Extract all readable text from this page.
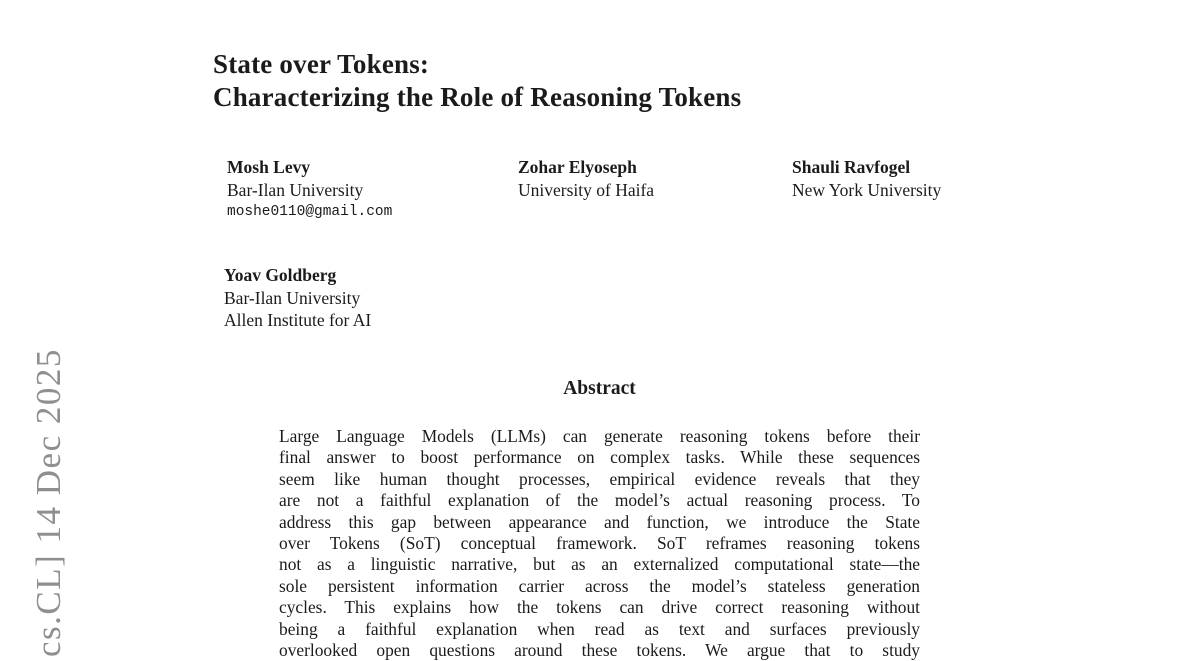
cs.CL] 14 Dec 2025
State over Tokens:
Characterizing the Role of Reasoning Tokens
Mosh Levy
Bar-Ilan University
moshe0110@gmail.com
Zohar Elyoseph
University of Haifa
Shauli Ravfogel
New York University
Yoav Goldberg
Bar-Ilan University
Allen Institute for AI
Abstract
Large Language Models (LLMs) can generate reasoning tokens before their
final answer to boost performance on complex tasks. While these sequences
seem like human thought processes, empirical evidence reveals that they
are not a faithful explanation of the model’s actual reasoning process. To
address this gap between appearance and function, we introduce the State
over Tokens (SoT) conceptual framework. SoT reframes reasoning tokens
not as a linguistic narrative, but as an externalized computational state—the
sole persistent information carrier across the model’s stateless generation
cycles. This explains how the tokens can drive correct reasoning without
being a faithful explanation when read as text and surfaces previously
overlooked open questions around these tokens. We argue that to study
